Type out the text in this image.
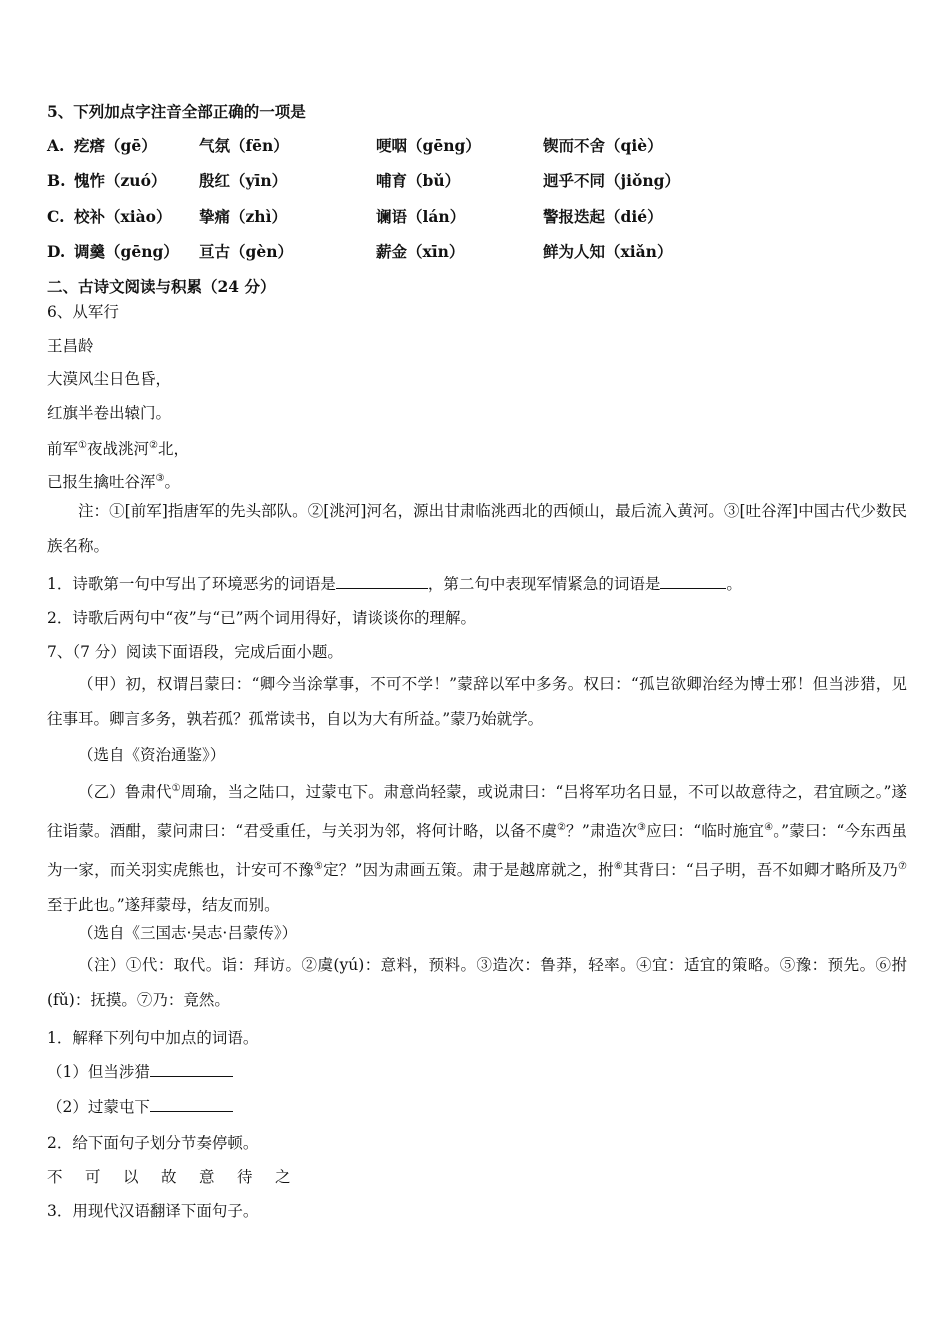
5、下列加点字注音全部正确的一项是
A. 疙瘩（gē）	气氛（fēn）	哽咽（gēng）	锲而不舍（qiè）
B. 愧怍（zuó） 殷红（yīn）	哺育（bǔ）	迥乎不同（jiǒng）
C. 校补（xiào） 挚痛（zhì）	谰语（lán）	警报迭起（dié）
D. 调羹（gēng） 亘古（gèn）	薪金（xīn）	鲜为人知（xiǎn）
二、古诗文阅读与积累（24 分）
6、从军行
王昌龄
大漠风尘日色昏，
红旗半卷出辕门。
前军①夜战洮河②北，
已报生擒吐谷浑③。
注：①[前军]指唐军的先头部队。②[洮河]河名，源出甘肃临洮西北的西倾山，最后流入黄河。③[吐谷浑]中国古代少数民族名称。
1．诗歌第一句中写出了环境恶劣的词语是	，第二句中表现军情紧急的词语是	。
2．诗歌后两句中“夜”与“已”两个词用得好，请谈谈你的理解。
7、（7 分）阅读下面语段，完成后面小题。
（甲）初，权谓吕蒙曰：“卿今当涂掌事，不可不学！”蒙辞以军中多务。权曰：“孤岂欲卿治经为博士邪！但当涉猎，见往事耳。卿言多务，孰若孤？孤常读书，自以为大有所益。”蒙乃始就学。
（选自《资治通鉴》）
（乙）鲁肃代①周瑜，当之陆口，过蒙屯下。肃意尚轻蒙，或说肃曰：“吕将军功名日显，不可以故意待之，君宜顾之。”遂往诣蒙。酒酣，蒙问肃曰：“君受重任，与关羽为邻，将何计略，以备不虞②？”肃造次③应曰：“临时施宜④。”蒙曰：“今东西虽为一家，而关羽实虎熊也，计安可不豫⑤定？”因为肃画五策。肃于是越席就之，拊⑥其背曰：“吕子明，吾不如卿才略所及乃⑦至于此也。”遂拜蒙母，结友而别。
（选自《三国志·吴志·吕蒙传》）
（注）①代：取代。诣：拜访。②虞(yú)：意料，预料。③造次：鲁莽，轻率。④宜：适宜的策略。⑤豫：预先。⑥拊(fǔ)：抚摸。⑦乃：竟然。
1．解释下列句中加点的词语。
（1）但当涉猎
（2）过蒙屯下
2．给下面句子划分节奏停顿。
不 可 以 故 意 待 之
3．用现代汉语翻译下面句子。
